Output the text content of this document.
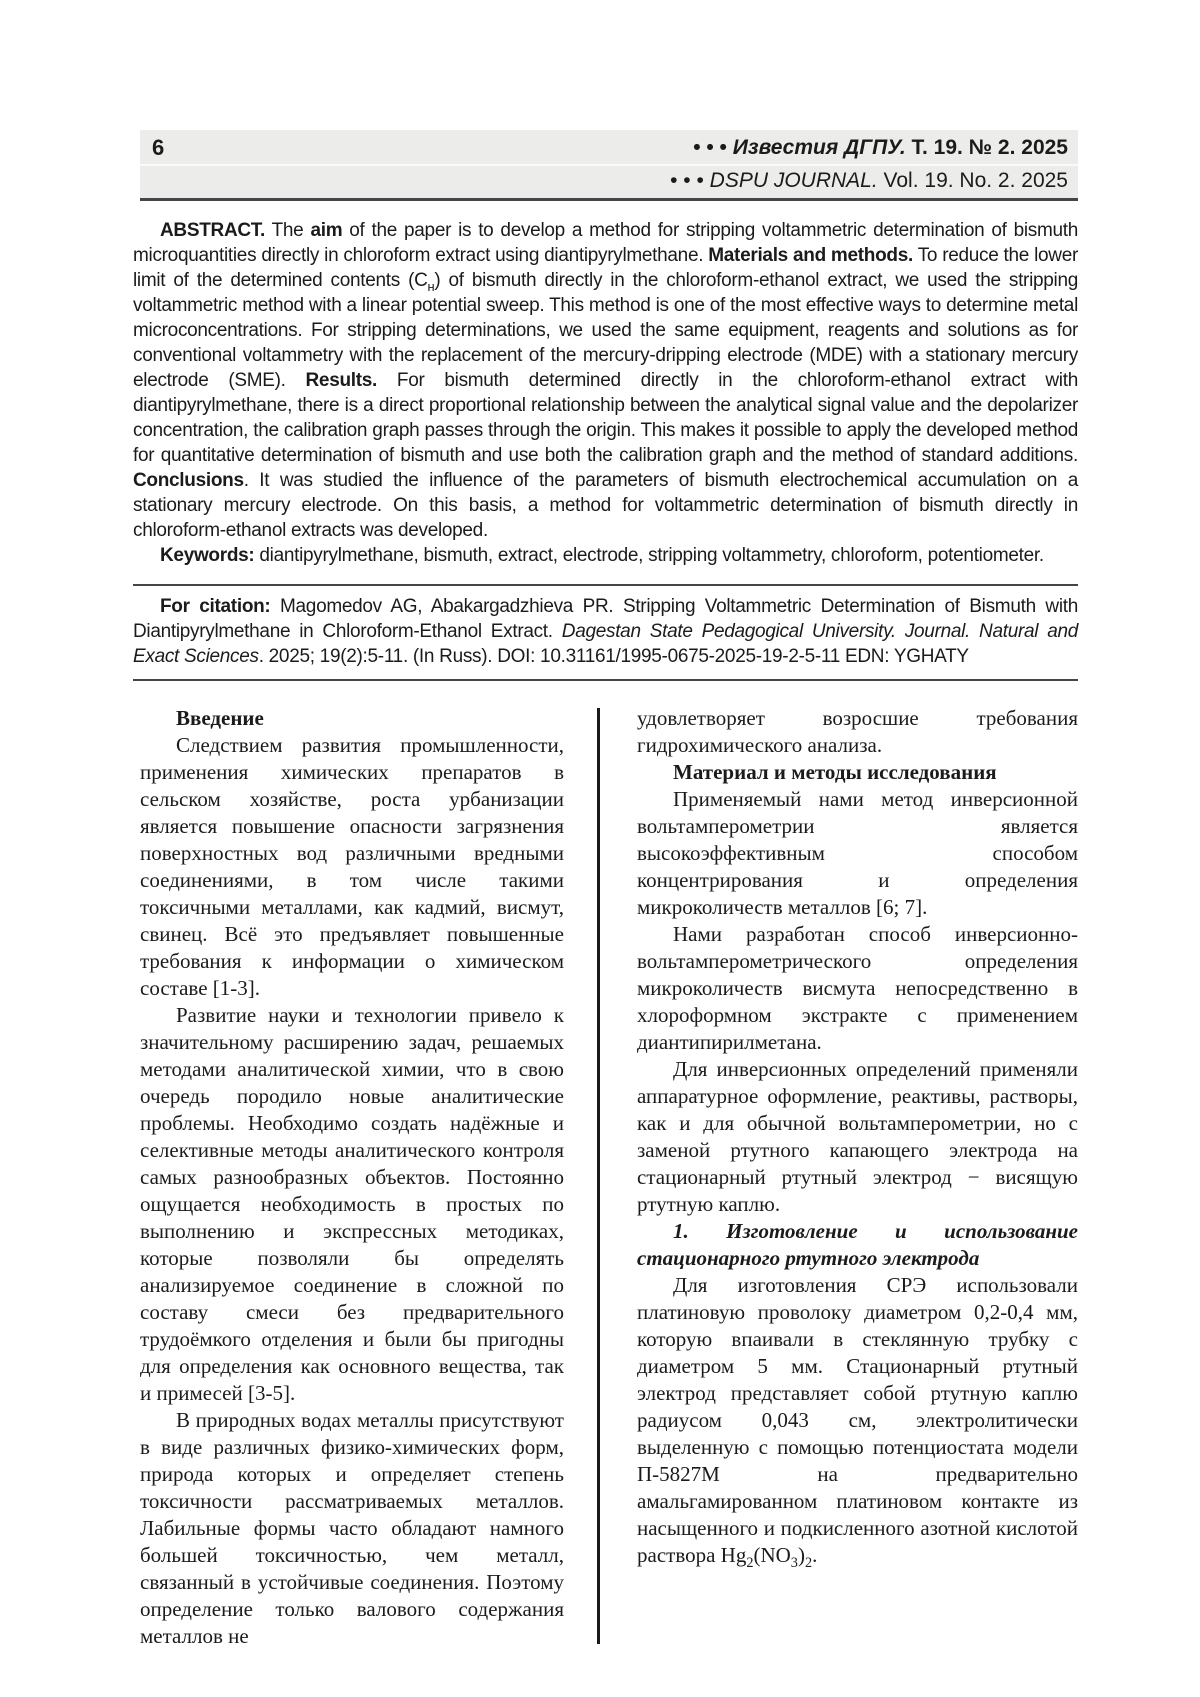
6	• • • Известия ДГПУ. Т. 19. № 2. 2025
• • • DSPU JOURNAL. Vol. 19. No. 2. 2025

ABSTRACT. The aim of the paper is to develop a method for stripping voltammetric determination of bismuth microquantities directly in chloroform extract using diantipyrylmethane. Materials and methods. To reduce the lower limit of the determined contents $(C_н)$ of bismuth directly in the chloroform-ethanol extract, we used the stripping voltammetric method with a linear potential sweep. This method is one of the most effective ways to determine metal microconcentrations. For stripping determinations, we used the same equipment, reagents and solutions as for conventional voltammetry with the replacement of the mercury-dripping electrode (MDE) with a stationary mercury electrode (SME). Results. For bismuth determined directly in the chloroform-ethanol extract with diantipyrylmethane, there is a direct proportional relationship between the analytical signal value and the depolarizer concentration, the calibration graph passes through the origin. This makes it possible to apply the developed method for quantitative determination of bismuth and use both the calibration graph and the method of standard additions. Conclusions. It was studied the influence of the parameters of bismuth electrochemical accumulation on a stationary mercury electrode. On this basis, a method for voltammetric determination of bismuth directly in chloroform-ethanol extracts was developed.

Keywords: diantipyrylmethane, bismuth, extract, electrode, stripping voltammetry, chloroform, potentiometer.

For citation: Magomedov AG, Abakargadzhieva PR. Stripping Voltammetric Determination of Bismuth with Diantipyrylmethane in Chloroform-Ethanol Extract. Dagestan State Pedagogical University. Journal. Natural and Exact Sciences. 2025; 19(2):5-11. (In Russ). DOI: 10.31161/1995-0675-2025-19-2-5-11 EDN: YGHATY

Введение

Следствием развития промышленности, применения химических препаратов в сельском хозяйстве, роста урбанизации является повышение опасности загрязнения поверхностных вод различными вредными соединениями, в том числе такими токсичными металлами, как кадмий, висмут, свинец. Всё это предъявляет повышенные требования к информации о химическом составе [1-3].

Развитие науки и технологии привело к значительному расширению задач, решаемых методами аналитической химии, что в свою очередь породило новые аналитические проблемы. Необходимо создать надёжные и селективные методы аналитического контроля самых разнообразных объектов. Постоянно ощущается необходимость в простых по выполнению и экспрессных методиках, которые позволяли бы определять анализируемое соединение в сложной по составу смеси без предварительного трудоёмкого отделения и были бы пригодны для определения как основного вещества, так и примесей [3-5].

В природных водах металлы присутствуют в виде различных физико-химических форм, природа которых и определяет степень токсичности рассматриваемых металлов. Лабильные формы часто обладают намного большей токсичностью, чем металл, связанный в устойчивые соединения. Поэтому определение только валового содержания металлов не

удовлетворяет возросшие требования гидрохимического анализа.

Материал и методы исследования

Применяемый нами метод инверсионной вольтамперометрии является высокоэффективным способом концентрирования и определения микроколичеств металлов [6; 7].

Нами разработан способ инверсионно-вольтамперометрического определения микроколичеств висмута непосредственно в хлороформном экстракте с применением диантипирилметана.

Для инверсионных определений применяли аппаратурное оформление, реактивы, растворы, как и для обычной вольтамперометрии, но с заменой ртутного капающего электрода на стационарный ртутный электрод − висящую ртутную каплю.

1. Изготовление и использование стационарного ртутного электрода

Для изготовления СРЭ использовали платиновую проволоку диаметром 0,2-0,4 мм, которую впаивали в стеклянную трубку с диаметром 5 мм. Стационарный ртутный электрод представляет собой ртутную каплю радиусом 0,043 см, электролитически выделенную с помощью потенциостата модели П-5827М на предварительно амальгамированном платиновом контакте из насыщенного и подкисленного азотной кислотой раствора $Hg_2(NO_3)_2$.
